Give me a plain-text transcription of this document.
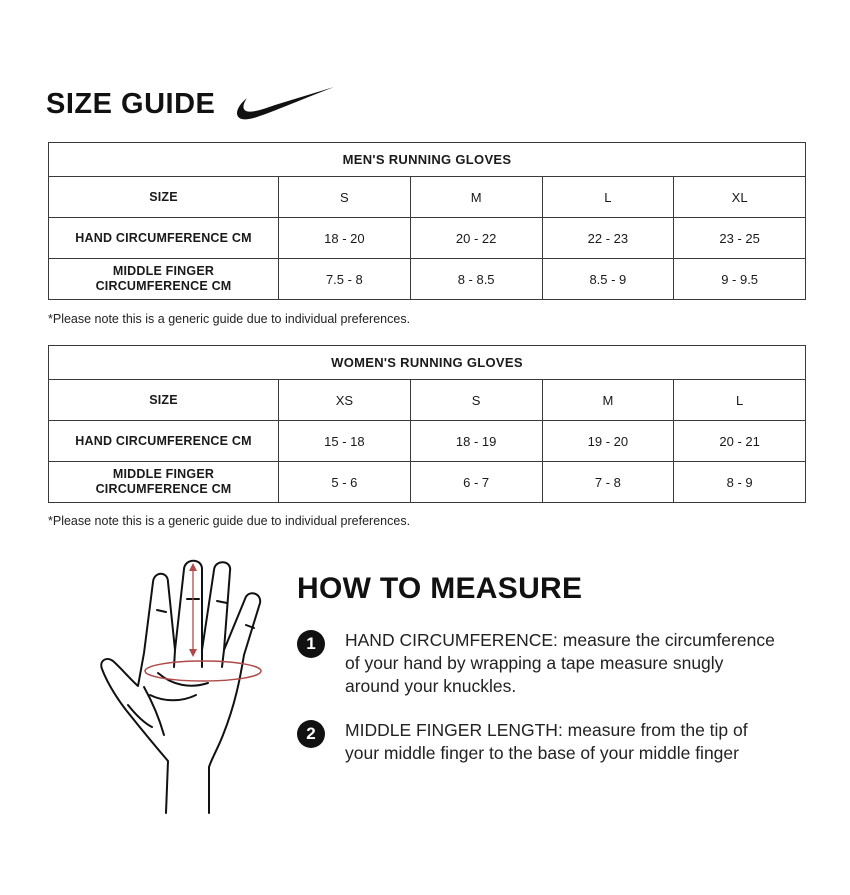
SIZE GUIDE
MEN'S RUNNING GLOVES				
SIZE	S	M	L	XL
HAND CIRCUMFERENCE CM	18 - 20	20 - 22	22 - 23	23 - 25

MIDDLE FINGER
CIRCUMFERENCE CM	7.5 - 8	8 - 8.5	8.5 - 9	9 - 9.5
*Please note this is a generic guide due to individual preferences.
WOMEN'S RUNNING GLOVES				
SIZE	XS	S	M	L
HAND CIRCUMFERENCE CM	15 - 18	18 - 19	19 - 20	20 - 21

MIDDLE FINGER
CIRCUMFERENCE CM	5 - 6	6 - 7	7 - 8	8 - 9
*Please note this is a generic guide due to individual preferences.
HOW TO MEASURE
1	HAND CIRCUMFERENCE: measure the circumference of your hand by wrapping a tape measure snugly around your knuckles.
2	MIDDLE FINGER LENGTH: measure from the tip of your middle finger to the base of your middle finger
